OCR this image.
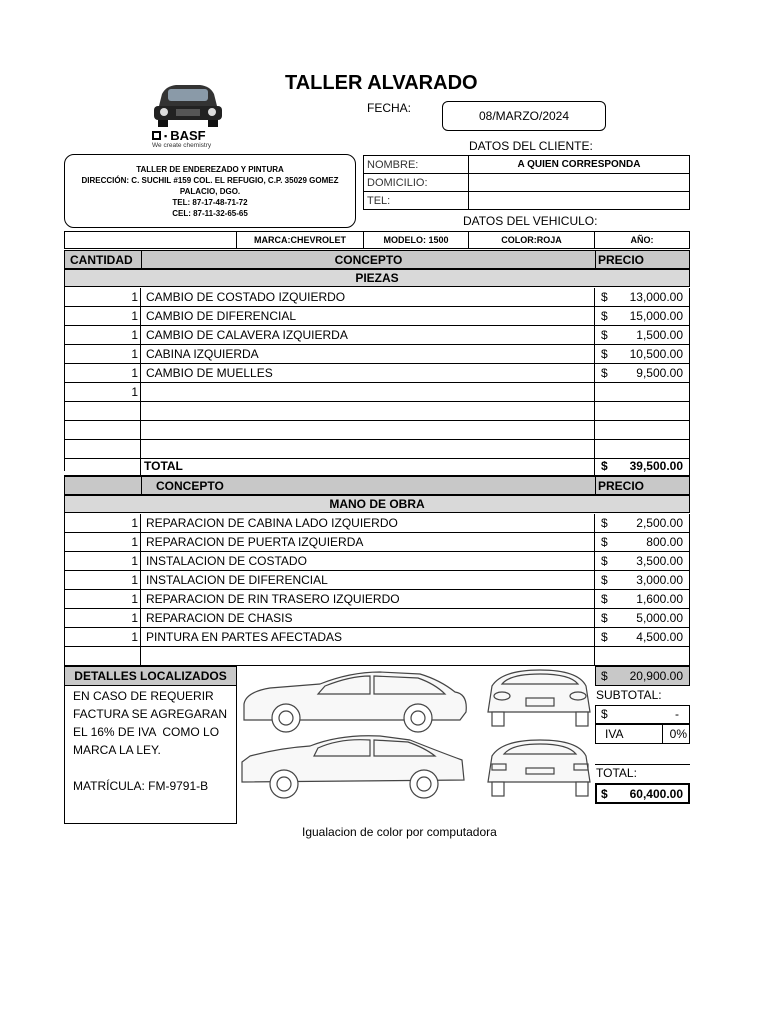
▪ BASF
We create chemistry
TALLER ALVARADO
FECHA:
08/MARZO/2024
DATOS DEL CLIENTE:
TALLER DE ENDEREZADO Y PINTURA
DIRECCIÓN: C. SUCHIL #159 COL. EL REFUGIO, C.P. 35029 GOMEZ
PALACIO, DGO.
TEL: 87-17-48-71-72
CEL: 87-11-32-65-65
NOMBRE:	A QUIEN CORRESPONDA
DOMICILIO:	
TEL:	
DATOS DEL VEHICULO:
MARCA:CHEVROLET	MODELO: 1500	COLOR:ROJA	AÑO:
CANTIDAD	CONCEPTO	PRECIO
PIEZAS
1 CAMBIO DE COSTADO IZQUIERDO	$ 13,000.00
1 CAMBIO DE DIFERENCIAL	$ 15,000.00
1 CAMBIO DE CALAVERA IZQUIERDA	$ 1,500.00
1 CABINA IZQUIERDA	$ 10,500.00
1 CAMBIO DE MUELLES	$ 9,500.00
1
TOTAL	$ 39,500.00
CONCEPTO	PRECIO
MANO DE OBRA
1 REPARACION DE CABINA LADO IZQUIERDO	$ 2,500.00
1 REPARACION DE PUERTA IZQUIERDA	$	800.00
1 INSTALACION DE COSTADO	$ 3,500.00
1 INSTALACION DE DIFERENCIAL	$ 3,000.00
1 REPARACION DE RIN TRASERO IZQUIERDO	$ 1,600.00
1 REPARACION DE CHASIS	$ 5,000.00
1 PINTURA EN PARTES AFECTADAS	$ 4,500.00
DETALLES LOCALIZADOS
EN CASO DE REQUERIR
FACTURA SE AGREGARAN
EL 16% DE IVA  COMO LO
MARCA LA LEY.
MATRÍCULA: FM-9791-B
$ 20,900.00
SUBTOTAL:
$	-
IVA	0%
TOTAL:
$ 60,400.00
Igualacion de color por computadora
